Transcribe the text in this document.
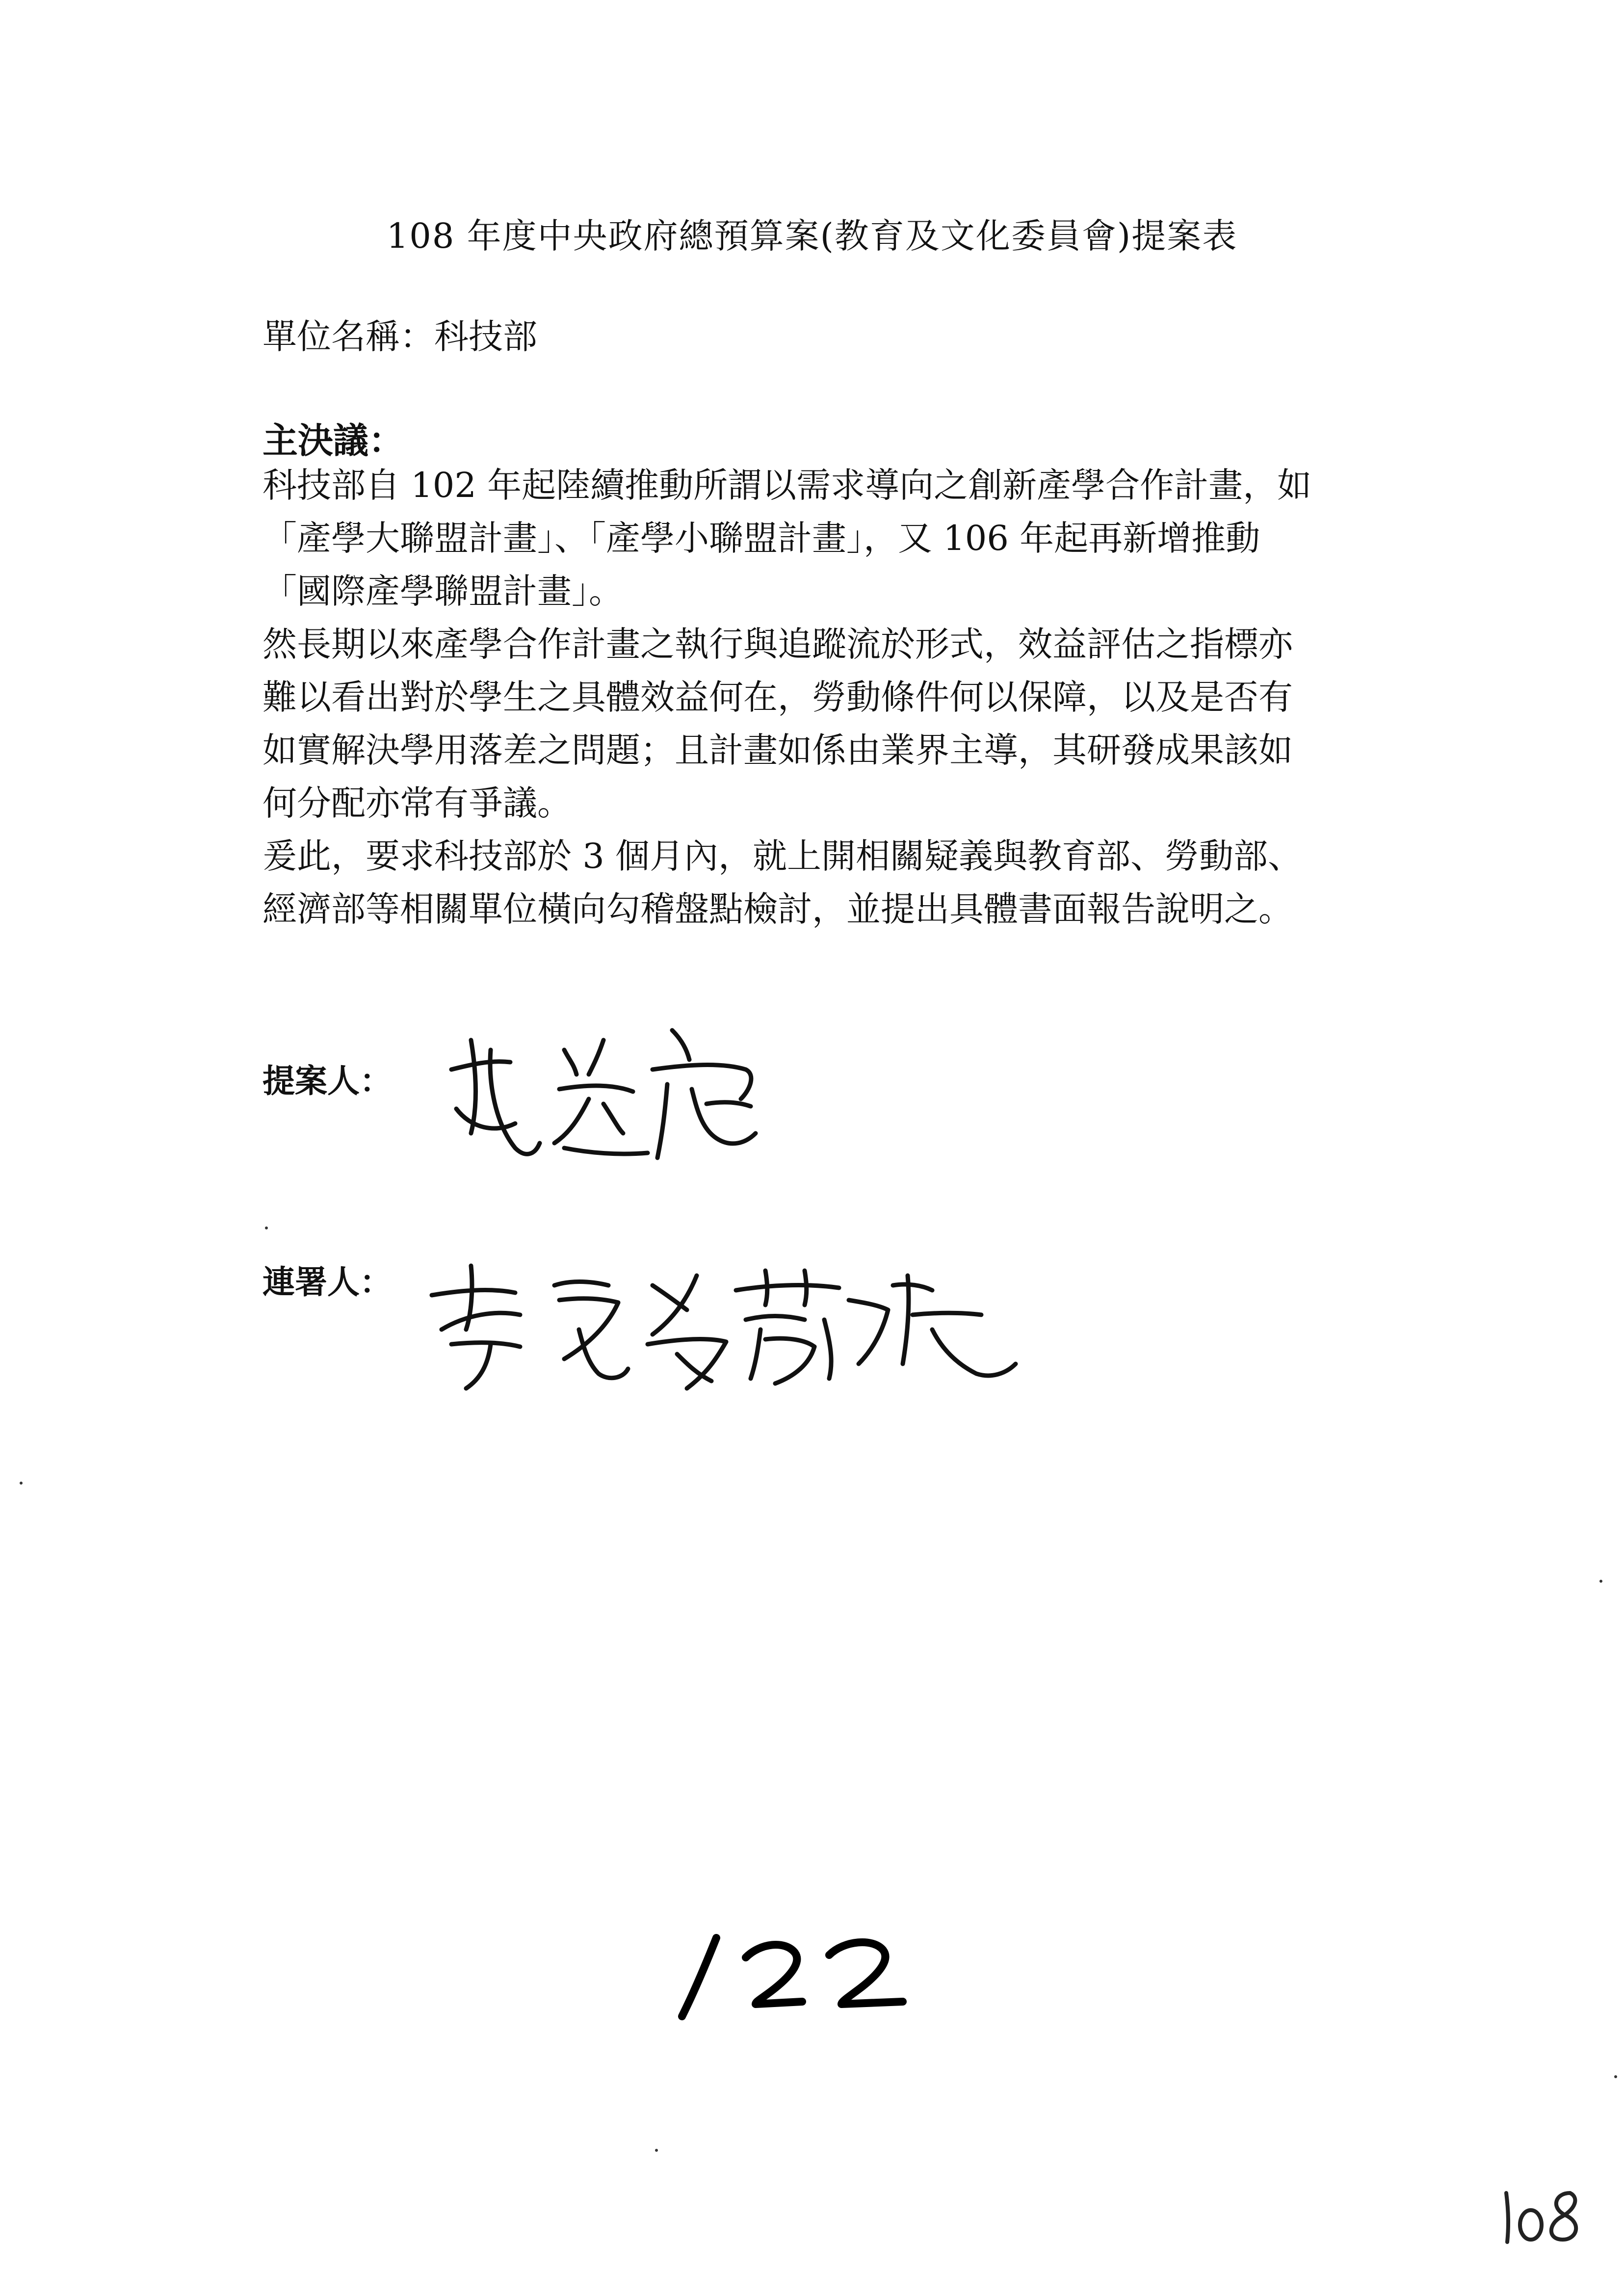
108 年度中央政府總預算案(教育及文化委員會)提案表
單位名稱：科技部
主決議：

科技部自 102 年起陸續推動所謂以需求導向之創新產學合作計畫，如

「產學大聯盟計畫」、「產學小聯盟計畫」，又 106 年起再新增推動

「國際產學聯盟計畫」。

然長期以來產學合作計畫之執行與追蹤流於形式，效益評估之指標亦

難以看出對於學生之具體效益何在，勞動條件何以保障，以及是否有

如實解決學用落差之問題；且計畫如係由業界主導，其研發成果該如

何分配亦常有爭議。

爰此，要求科技部於 3 個月內，就上開相關疑義與教育部、勞動部、

經濟部等相關單位橫向勾稽盤點檢討，並提出具體書面報告說明之。

提案人：
連署人：
